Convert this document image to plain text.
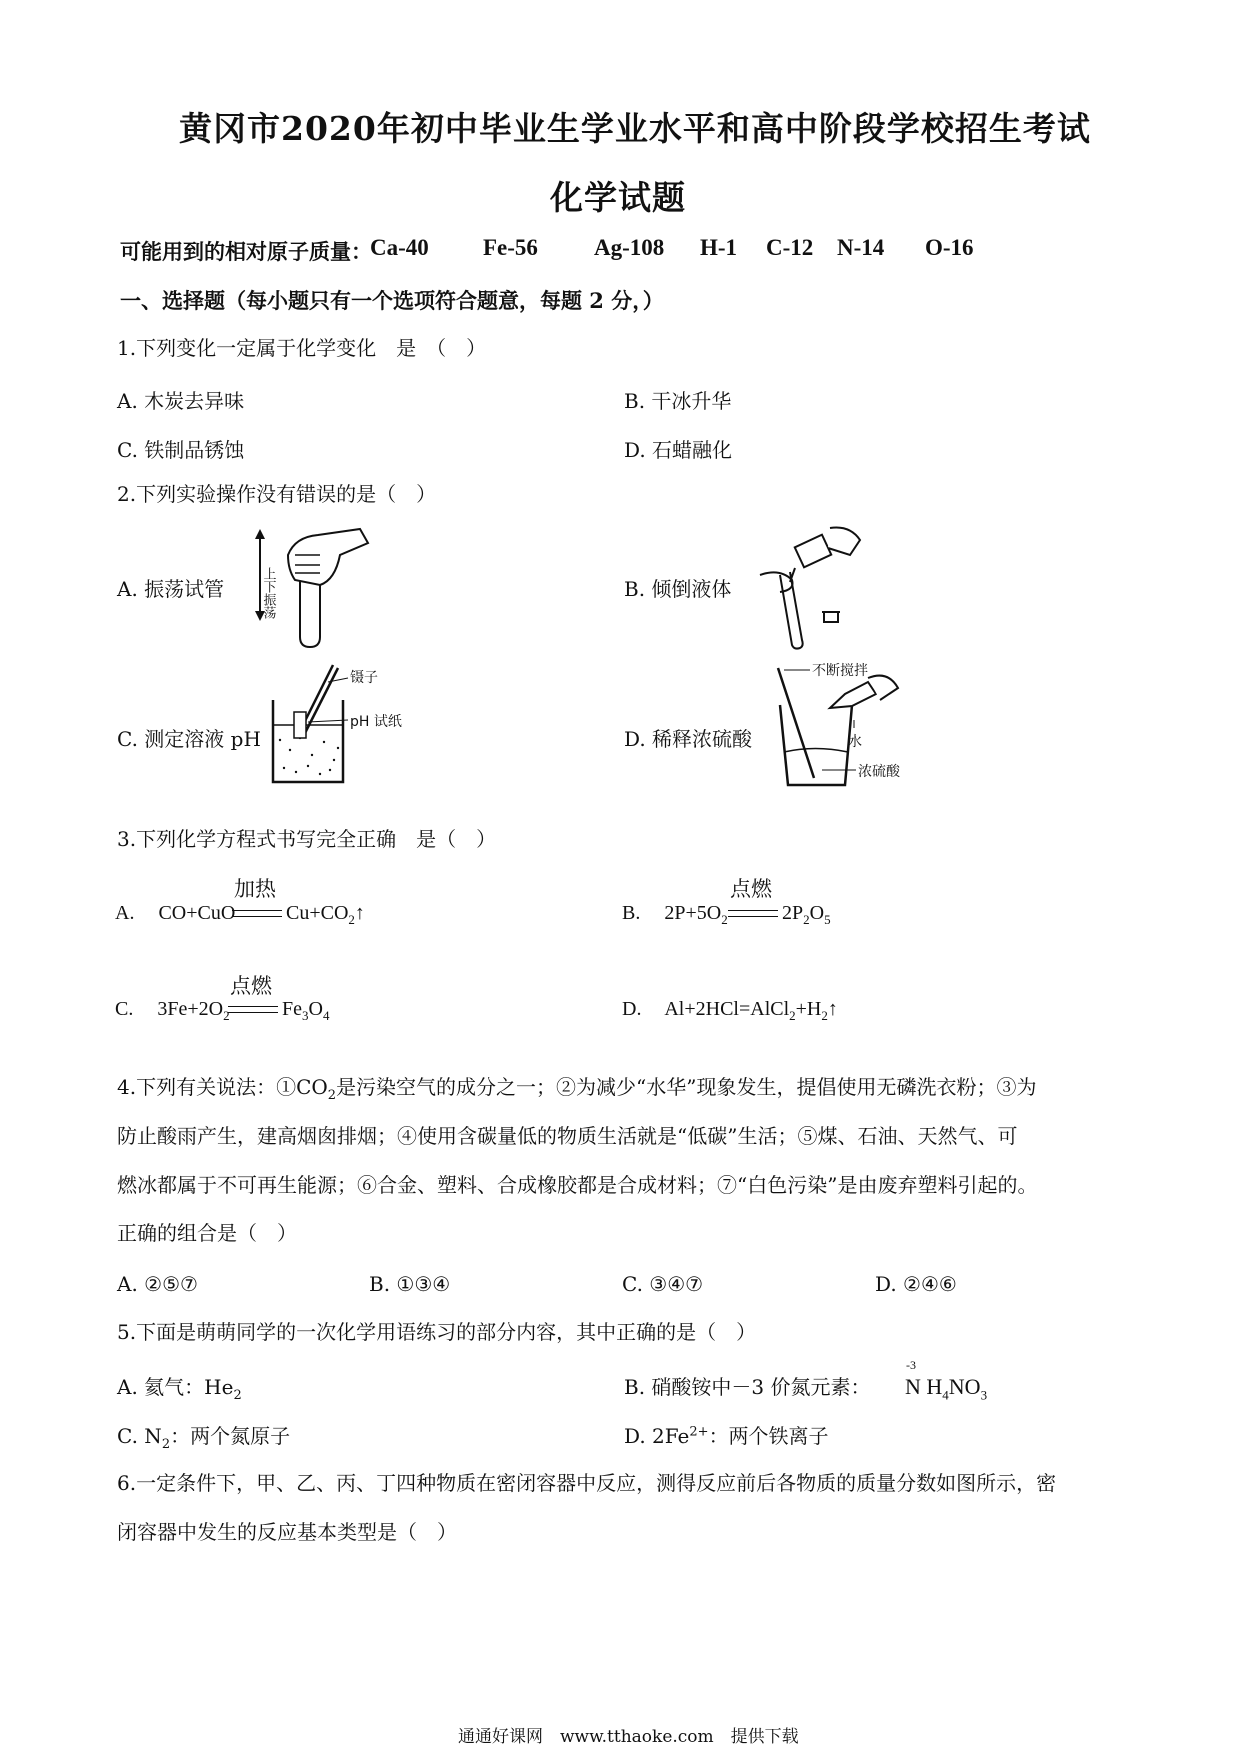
黄冈市2020年初中毕业生学业水平和高中阶段学校招生考试
化学试题
可能用到的相对原子质量：
Ca-40 Fe-56 Ag-108 H-1 C-12 N-14 O-16
一、选择题（每小题只有一个选项符合题意，每题 2 分，）
1.下列变化一定属于化学变化　是　（　）
A. 木炭去异味	B. 干冰升华
C. 铁制品锈蚀	D. 石蜡融化
2.下列实验操作没有错误的是（　）
A. 振荡试管	B. 倾倒液体
C. 测定溶液 pH	D. 稀释浓硫酸
上下振荡
镊子
pH 试纸
不断搅拌
水
浓硫酸
3.下列化学方程式书写完全正确　是（　）
A. CO+CuO
加热
$Cu+CO_2↑$	B. $2P+5O_2$
点燃
$2P_2O_5$
C. $3Fe+2O_2$
点燃
$Fe_3O_4$	D. $Al+2HCl=AlCl_2+H_2↑$
4.下列有关说法：$①CO_2$是污染空气的成分之一；②为减少“水华”现象发生，提倡使用无磷洗衣粉；③为
防止酸雨产生，建高烟囱排烟；④使用含碳量低的物质生活就是“低碳”生活；⑤煤、石油、天然气、可
燃冰都属于不可再生能源；⑥合金、塑料、合成橡胶都是合成材料；⑦“白色污染”是由废弃塑料引起的。
正确的组合是（　）
A. ②⑤⑦	B. ①③④	C. ③④⑦	D. ②④⑥
5.下面是萌萌同学的一次化学用语练习的部分内容，其中正确的是（　）
A. 氦气：$He_2$	B. 硝酸铵中－3 价氮元素：
-3
N $H_4NO_3$
C. $N_2$：两个氮原子	D. $2Fe^{2+}$：两个铁离子
6.一定条件下，甲、乙、丙、丁四种物质在密闭容器中反应，测得反应前后各物质的质量分数如图所示，密
闭容器中发生的反应基本类型是（　）
通通好课网　www.tthaoke.com　提供下载
